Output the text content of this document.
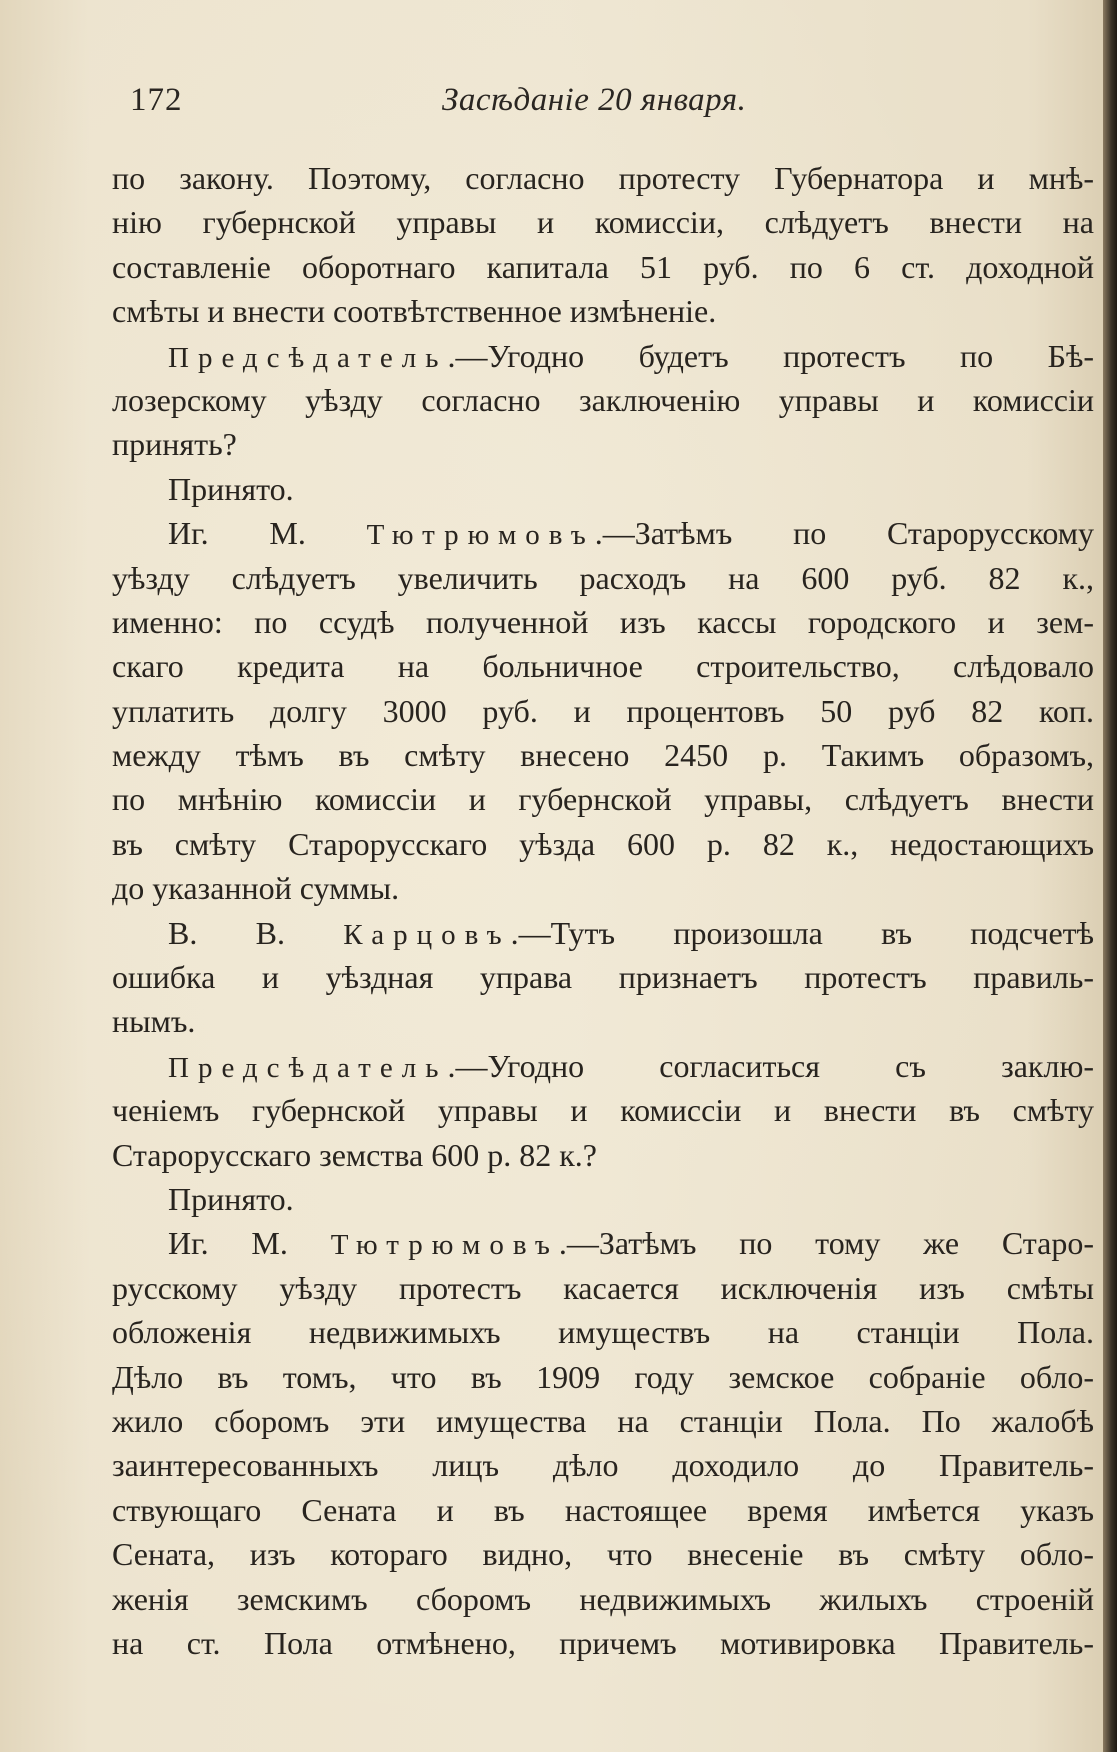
172	Засѣданіе 20 января.
по закону. Поэтому, согласно протесту Губернатора и мнѣ-
нію губернской управы и комиссіи, слѣдуетъ внести на
составленіе оборотнаго капитала 51 руб. по 6 ст. доходной
смѣты и внести соотвѣтственное измѣненіе.
Предсѣдатель.—Угодно будетъ протестъ по Бѣ-
лозерскому уѣзду согласно заключенію управы и комиссіи
принять?
Принято.
Иг. М. Тютрюмовъ.—Затѣмъ по Старорусскому
уѣзду слѣдуетъ увеличить расходъ на 600 руб. 82 к.,
именно: по ссудѣ полученной изъ кассы городского и зем-
скаго кредита на больничное строительство, слѣдовало
уплатить долгу 3000 руб. и процентовъ 50 руб 82 коп.
между тѣмъ въ смѣту внесено 2450 р. Такимъ образомъ,
по мнѣнію комиссіи и губернской управы, слѣдуетъ внести
въ смѣту Старорусскаго уѣзда 600 р. 82 к., недостающихъ
до указанной суммы.
В. В. Карцовъ.—Тутъ произошла въ подсчетѣ
ошибка и уѣздная управа признаетъ протестъ правиль-
нымъ.
Предсѣдатель.—Угодно согласиться съ заклю-
ченіемъ губернской управы и комиссіи и внести въ смѣту
Старорусскаго земства 600 р. 82 к.?
Принято.
Иг. М. Тютрюмовъ.—Затѣмъ по тому же Старо-
русскому уѣзду протестъ касается исключенія изъ смѣты
обложенія недвижимыхъ имуществъ на станціи Пола.
Дѣло въ томъ, что въ 1909 году земское собраніе обло-
жило сборомъ эти имущества на станціи Пола. По жалобѣ
заинтересованныхъ лицъ дѣло доходило до Правитель-
ствующаго Сената и въ настоящее время имѣется указъ
Сената, изъ котораго видно, что внесеніе въ смѣту обло-
женія земскимъ сборомъ недвижимыхъ жилыхъ строеній
на ст. Пола отмѣнено, причемъ мотивировка Правитель-
